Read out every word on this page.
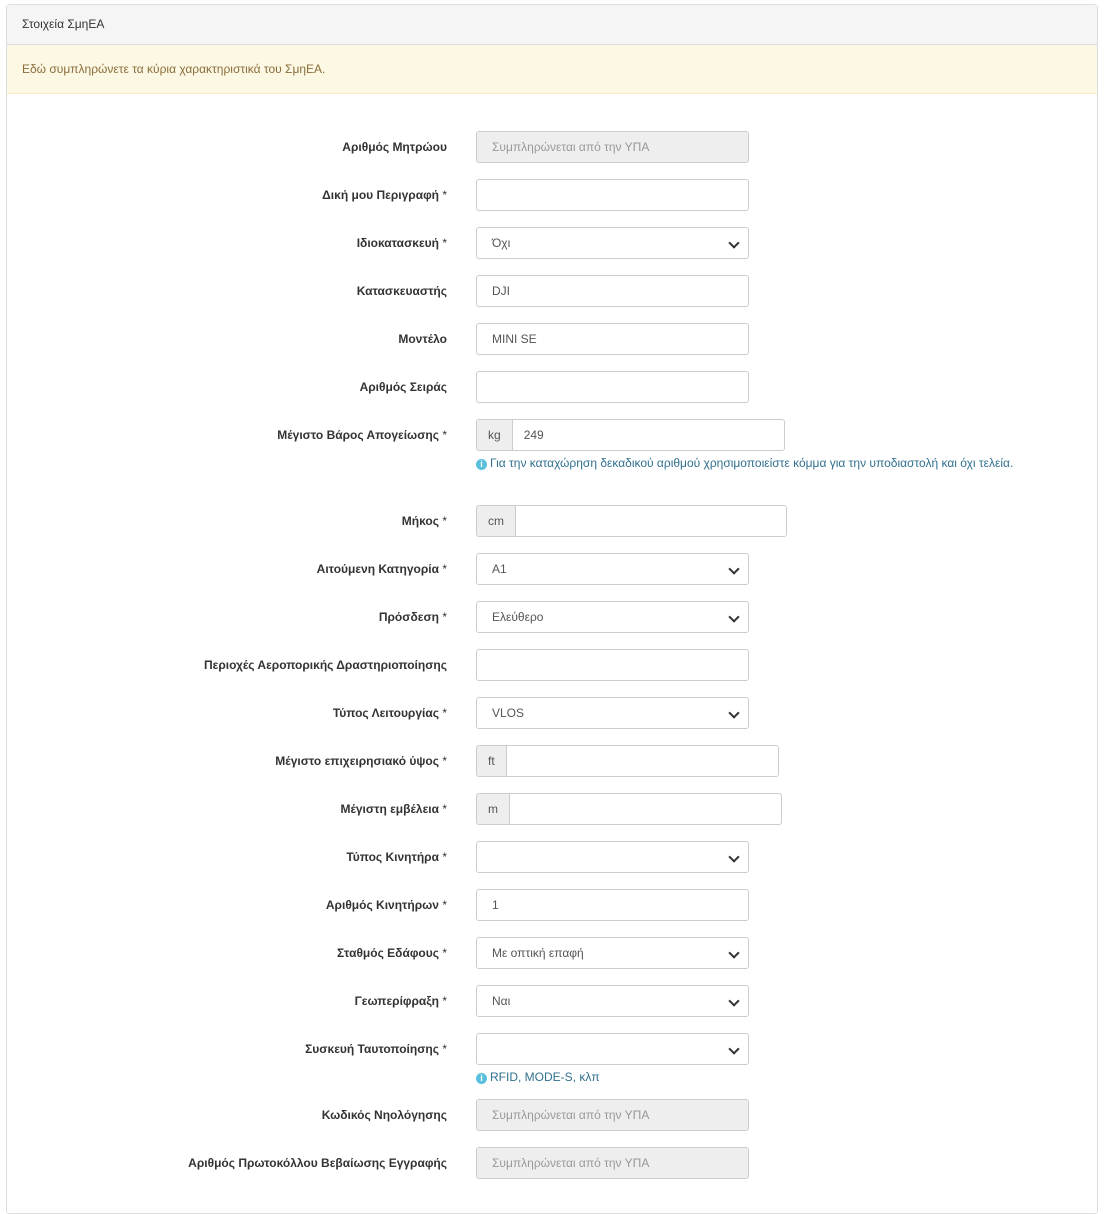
Στοιχεία ΣμηΕΑ
Εδώ συμπληρώνετε τα κύρια χαρακτηριστικά του ΣμηΕΑ.
Αριθμός Μητρώου	Συμπληρώνεται από την ΥΠΑ
Δική μου Περιγραφή *
Ιδιοκατασκευή *	Όχι
Κατασκευαστής	DJI
Μοντέλο	MINI SE
Αριθμός Σειράς
Μέγιστο Βάρος Απογείωσης *	kg	249
i Για την καταχώρηση δεκαδικού αριθμού χρησιμοποιείστε κόμμα για την υποδιαστολή και όχι τελεία.
Μήκος *	cm
Αιτούμενη Κατηγορία *	A1
Πρόσδεση *	Ελεύθερο
Περιοχές Αεροπορικής Δραστηριοποίησης
Τύπος Λειτουργίας *	VLOS
Μέγιστο επιχειρησιακό ύψος *	ft
Μέγιστη εμβέλεια *	m
Τύπος Κινητήρα *
Αριθμός Κινητήρων *	1
Σταθμός Εδάφους *	Με οπτική επαφή
Γεωπερίφραξη *	Ναι
Συσκευή Ταυτοποίησης *
i RFID, MODE-S, κλπ
Κωδικός Νηολόγησης	Συμπληρώνεται από την ΥΠΑ
Αριθμός Πρωτοκόλλου Βεβαίωσης Εγγραφής	Συμπληρώνεται από την ΥΠΑ
